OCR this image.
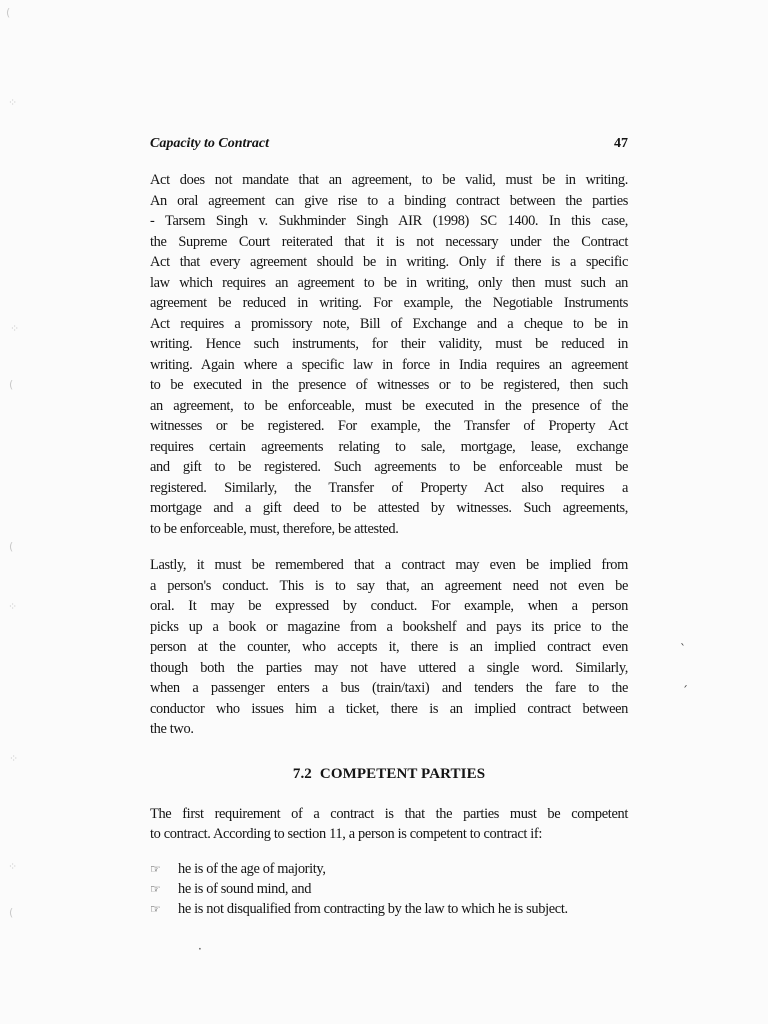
(
⁘
⁘
(
(
⁘
⁘
⁘
(
ˋ
ˊ
·
Capacity to Contract	47
Act does not mandate that an agreement, to be valid, must be in writing.
An oral agreement can give rise to a binding contract between the parties
- Tarsem Singh v. Sukhminder Singh AIR (1998) SC 1400. In this case,
the Supreme Court reiterated that it is not necessary under the Contract
Act that every agreement should be in writing. Only if there is a specific
law which requires an agreement to be in writing, only then must such an
agreement be reduced in writing. For example, the Negotiable Instruments
Act requires a promissory note, Bill of Exchange and a cheque to be in
writing. Hence such instruments, for their validity, must be reduced in
writing. Again where a specific law in force in India requires an agreement
to be executed in the presence of witnesses or to be registered, then such
an agreement, to be enforceable, must be executed in the presence of the
witnesses or be registered. For example, the Transfer of Property Act
requires certain agreements relating to sale, mortgage, lease, exchange
and gift to be registered. Such agreements to be enforceable must be
registered. Similarly, the Transfer of Property Act also requires a
mortgage and a gift deed to be attested by witnesses. Such agreements,
to be enforceable, must, therefore, be attested.
Lastly, it must be remembered that a contract may even be implied from
a person's conduct. This is to say that, an agreement need not even be
oral. It may be expressed by conduct. For example, when a person
picks up a book or magazine from a bookshelf and pays its price to the
person at the counter, who accepts it, there is an implied contract even
though both the parties may not have uttered a single word. Similarly,
when a passenger enters a bus (train/taxi) and tenders the fare to the
conductor who issues him a ticket, there is an implied contract between
the two.
7.2 COMPETENT PARTIES
The first requirement of a contract is that the parties must be competent
to contract. According to section 11, a person is competent to contract if:
☞ he is of the age of majority,
☞ he is of sound mind, and
☞ he is not disqualified from contracting by the law to which he is subject.
